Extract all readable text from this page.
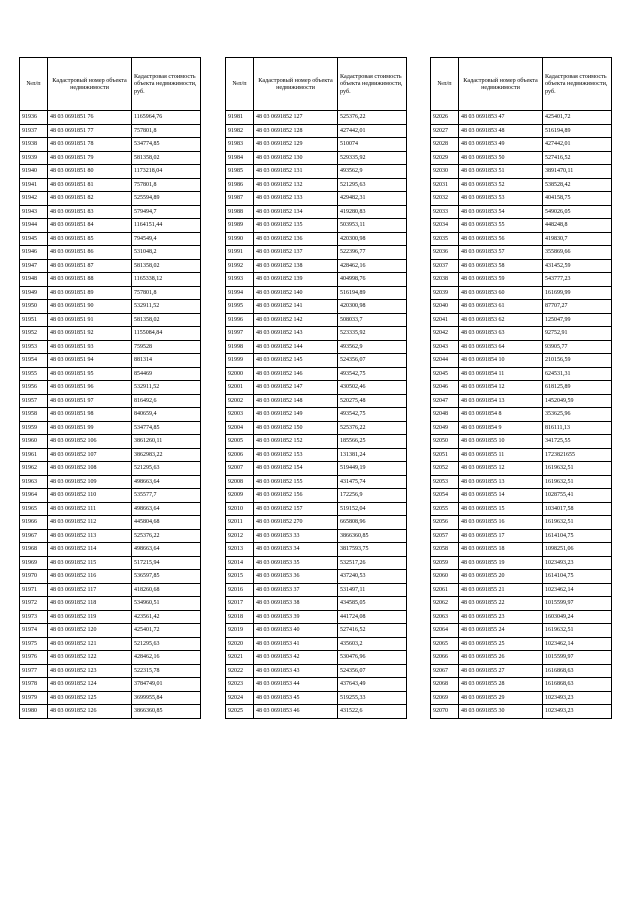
№п/п	Кадастровый номер объекта недвижимости	Кадастровая стоимость объекта недвижимости, руб.
91936	48 03 0691851 76	1165964,76
91937	48 03 0691851 77	757801,8
91938	48 03 0691851 78	534774,85
91939	48 03 0691851 79	581358,02
91940	48 03 0691851 80	1173218,04
91941	48 03 0691851 81	757801,8
91942	48 03 0691851 82	525594,89
91943	48 03 0691851 83	579494,7
91944	48 03 0691851 84	1164151,44
91945	48 03 0691851 85	794549,4
91946	48 03 0691851 86	531048,2
91947	48 03 0691851 87	581358,02
91948	48 03 0691851 88	1165338,12
91949	48 03 0691851 89	757801,8
91950	48 03 0691851 90	532911,52
91951	48 03 0691851 91	581358,02
91952	48 03 0691851 92	1155084,84
91953	48 03 0691851 93	759528
91954	48 03 0691851 94	881314
91955	48 03 0691851 95	854469
91956	48 03 0691851 96	532911,52
91957	48 03 0691851 97	816492,6
91958	48 03 0691851 98	840659,4
91959	48 03 0691851 99	534774,85
91960	48 03 0691852 106	3861260,11
91961	48 03 0691852 107	3862983,22
91962	48 03 0691852 108	521295,63
91963	48 03 0691852 109	498663,64
91964	48 03 0691852 110	535577,7
91965	48 03 0691852 111	498663,64
91966	48 03 0691852 112	445804,68
91967	48 03 0691852 113	525376,22
91968	48 03 0691852 114	498663,64
91969	48 03 0691852 115	517215,94
91970	48 03 0691852 116	536597,85
91971	48 03 0691852 117	418260,68
91972	48 03 0691852 118	534960,51
91973	48 03 0691852 119	423561,42
91974	48 03 0691852 120	425401,72
91975	48 03 0691852 121	521295,63
91976	48 03 0691852 122	428462,16
91977	48 03 0691852 123	522315,78
91978	48 03 0691852 124	3784749,01
91979	48 03 0691852 125	3699955,84
91980	48 03 0691852 126	3866360,85
№п/п	Кадастровый номер объекта недвижимости	Кадастровая стоимость объекта недвижимости, руб.
91981	48 03 0691852 127	525376,22
91982	48 03 0691852 128	427442,01
91983	48 03 0691852 129	510074
91984	48 03 0691852 130	529335,92
91985	48 03 0691852 131	493562,9
91986	48 03 0691852 132	521295,63
91987	48 03 0691852 133	429482,31
91988	48 03 0691852 134	419280,83
91989	48 03 0691852 135	503953,11
91990	48 03 0691852 136	420300,98
91991	48 03 0691852 137	522396,77
91992	48 03 0691852 138	428462,16
91993	48 03 0691852 139	404998,76
91994	48 03 0691852 140	516194,89
91995	48 03 0691852 141	420300,98
91996	48 03 0691852 142	508033,7
91997	48 03 0691852 143	523335,92
91998	48 03 0691852 144	493562,9
91999	48 03 0691852 145	524356,07
92000	48 03 0691852 146	493542,75
92001	48 03 0691852 147	430502,46
92002	48 03 0691852 148	520275,48
92003	48 03 0691852 149	493542,75
92004	48 03 0691852 150	525376,22
92005	48 03 0691852 152	185566,25
92006	48 03 0691852 153	131381,24
92007	48 03 0691852 154	519449,19
92008	48 03 0691852 155	431475,74
92009	48 03 0691852 156	172256,9
92010	48 03 0691852 157	519152,04
92011	48 03 0691852 270	665808,96
92012	48 03 0691853 33	3866360,85
92013	48 03 0691853 34	3817593,75
92014	48 03 0691853 35	532517,26
92015	48 03 0691853 36	437240,53
92016	48 03 0691853 37	531497,11
92017	48 03 0691853 38	434585,05
92018	48 03 0691853 39	441724,08
92019	48 03 0691853 40	527416,52
92020	48 03 0691853 41	435603,2
92021	48 03 0691853 42	530476,96
92022	48 03 0691853 43	524356,07
92023	48 03 0691853 44	437643,49
92024	48 03 0691853 45	519255,33
92025	48 03 0691853 46	431522,6
№п/п	Кадастровый номер объекта недвижимости	Кадастровая стоимость объекта недвижимости, руб.
92026	48 03 0691853 47	425401,72
92027	48 03 0691853 48	516194,89
92028	48 03 0691853 49	427442,01
92029	48 03 0691853 50	527416,52
92030	48 03 0691853 51	3891470,11
92031	48 03 0691853 52	538528,42
92032	48 03 0691853 53	404158,75
92033	48 03 0691853 54	549026,05
92034	48 03 0691853 55	448248,8
92035	48 03 0691853 56	419830,7
92036	48 03 0691853 57	355869,66
92037	48 03 0691853 58	431452,59
92038	48 03 0691853 59	543777,23
92039	48 03 0691853 60	161699,99
92040	48 03 0691853 61	87707,27
92041	48 03 0691853 62	125047,99
92042	48 03 0691853 63	92752,91
92043	48 03 0691853 64	93905,77
92044	48 03 0691854 10	210156,59
92045	48 03 0691854 11	624531,31
92046	48 03 0691854 12	618125,89
92047	48 03 0691854 13	1452049,59
92048	48 03 0691854 8	353625,96
92049	48 03 0691854 9	816111,13
92050	48 03 0691855 10	341725,55
92051	48 03 0691855 11	1723821655
92052	48 03 0691855 12	1619632,51
92053	48 03 0691855 13	1619632,51
92054	48 03 0691855 14	1028755,41
92055	48 03 0691855 15	1034017,58
92056	48 03 0691855 16	1619632,51
92057	48 03 0691855 17	1614104,75
92058	48 03 0691855 18	1098251,06
92059	48 03 0691855 19	1023493,23
92060	48 03 0691855 20	1614104,75
92061	48 03 0691855 21	1023462,14
92062	48 03 0691855 22	1015599,97
92063	48 03 0691855 23	1603049,24
92064	48 03 0691855 24	1619632,51
92065	48 03 0691855 25	1023462,14
92066	48 03 0691855 26	1015599,97
92067	48 03 0691855 27	1616868,63
92068	48 03 0691855 28	1616868,63
92069	48 03 0691855 29	1023493,23
92070	48 03 0691855 30	1023493,23
